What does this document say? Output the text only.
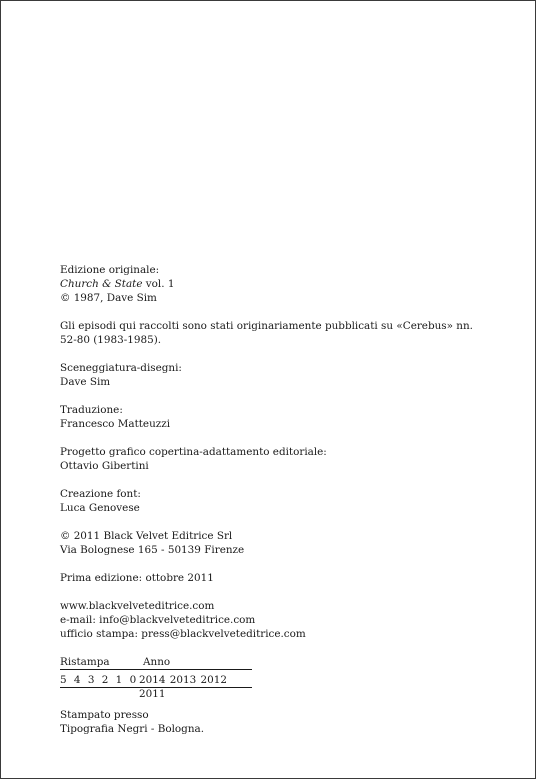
Edizione originale:
Church & State vol. 1
© 1987, Dave Sim
Gli episodi qui raccolti sono stati originariamente pubblicati su «Cerebus» nn. 52-80 (1983-1985).
Sceneggiatura-disegni:
Dave Sim
Traduzione:
Francesco Matteuzzi
Progetto grafico copertina-adattamento editoriale:
Ottavio Gibertini
Creazione font:
Luca Genovese
© 2011 Black Velvet Editrice Srl
Via Bolognese 165 - 50139 Firenze
Prima edizione: ottobre 2011
www.blackvelveteditrice.com
e-mail: info@blackvelveteditrice.com
ufficio stampa: press@blackvelveteditrice.com
Ristampa	Anno
5 4 3 2 1 0 2014 2013 2012 2011
Stampato presso
Tipografia Negri - Bologna.
